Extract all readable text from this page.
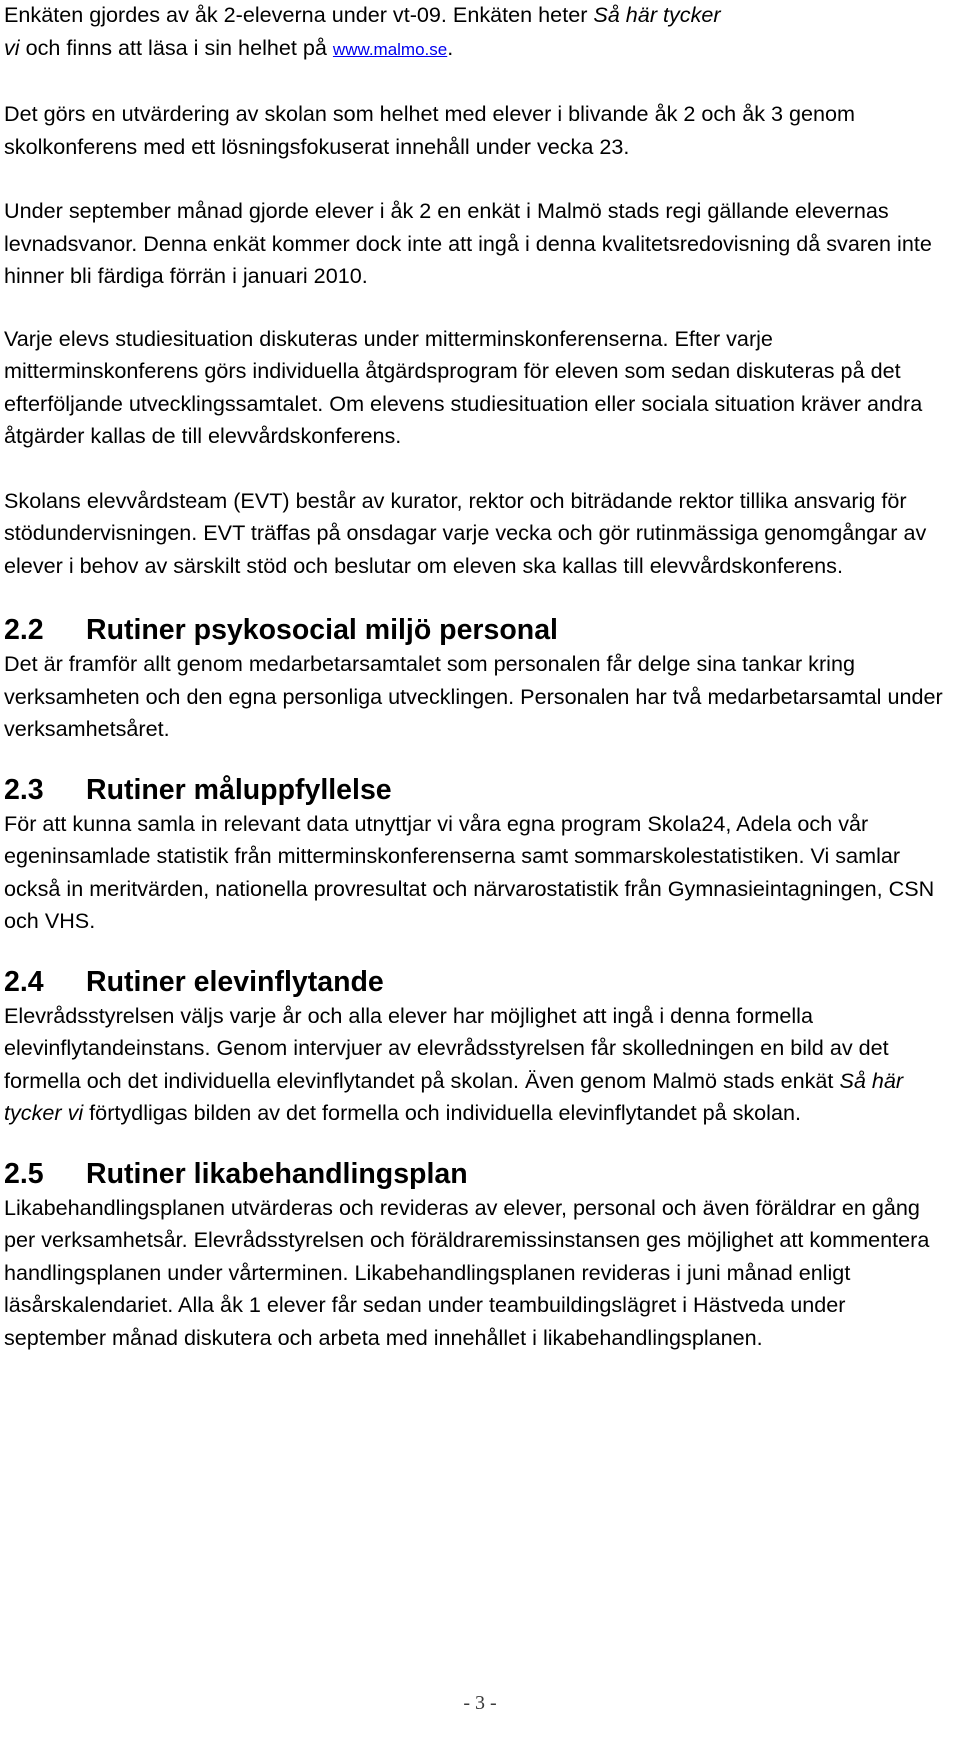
Enkäten gjordes av åk 2-eleverna under vt-09. Enkäten heter Så här tycker
vi och finns att läsa i sin helhet på www.malmo.se.

Det görs en utvärdering av skolan som helhet med elever i blivande åk 2 och åk 3 genom skolkonferens med ett lösningsfokuserat innehåll under vecka 23.

Under september månad gjorde elever i åk 2 en enkät i Malmö stads regi gällande elevernas levnadsvanor. Denna enkät kommer dock inte att ingå i denna kvalitetsredovisning då svaren inte hinner bli färdiga förrän i januari 2010.

Varje elevs studiesituation diskuteras under mitterminskonferenserna. Efter varje mitterminskonferens görs individuella åtgärdsprogram för eleven som sedan diskuteras på det efterföljande utvecklingssamtalet. Om elevens studiesituation eller sociala situation kräver andra åtgärder kallas de till elevvårdskonferens.

Skolans elevvårdsteam (EVT) består av kurator, rektor och biträdande rektor tillika ansvarig för stödundervisningen. EVT träffas på onsdagar varje vecka och gör rutinmässiga genomgångar av elever i behov av särskilt stöd och beslutar om eleven ska kallas till elevvårdskonferens.

2.2	Rutiner psykosocial miljö personal

Det är framför allt genom medarbetarsamtalet som personalen får delge sina tankar kring verksamheten och den egna personliga utvecklingen. Personalen har två medarbetarsamtal under verksamhetsåret.

2.3	Rutiner måluppfyllelse

För att kunna samla in relevant data utnyttjar vi våra egna program Skola24, Adela och vår egeninsamlade statistik från mitterminskonferenserna samt sommarskolestatistiken. Vi samlar också in meritvärden, nationella provresultat och närvarostatistik från Gymnasieintagningen, CSN och VHS.

2.4	Rutiner elevinflytande

Elevrådsstyrelsen väljs varje år och alla elever har möjlighet att ingå i denna formella elevinflytandeinstans. Genom intervjuer av elevrådsstyrelsen får skolledningen en bild av det formella och det individuella elevinflytandet på skolan. Även genom Malmö stads enkät Så här tycker vi förtydligas bilden av det formella och individuella elevinflytandet på skolan.

2.5	Rutiner likabehandlingsplan

Likabehandlingsplanen utvärderas och revideras av elever, personal och även föräldrar en gång per verksamhetsår. Elevrådsstyrelsen och föräldraremissinstansen ges möjlighet att kommentera handlingsplanen under vårterminen. Likabehandlingsplanen revideras i juni månad enligt läsårskalendariet. Alla åk 1 elever får sedan under teambuildingslägret i Hästveda under september månad diskutera och arbeta med innehållet i likabehandlingsplanen.

- 3 -
